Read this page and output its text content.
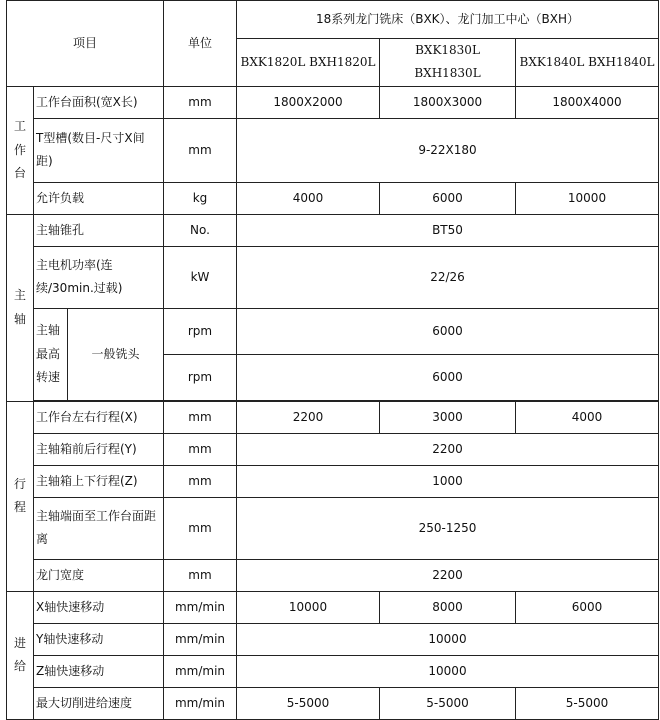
项目			单位	18系列龙门铣床（BXK）、龙门加工中心（BXH）		
				BXK1820L BXH1820L	BXK1830L BXH1830L	BXK1840L BXH1840L
工作台	工作台面积(宽X长)		mm	1800X2000	1800X3000	1800X4000
	T型槽(数目-尺寸X间距)		mm	9-22X180		
	允许负载		kg	4000	6000	10000
主轴	主轴锥孔		No.	BT50		
	主电机功率(连续/30min.过载)		kW	22/26		
	主轴最高转速	一般铣头	rpm	6000		
			rpm	6000		

行程	工作台左右行程(X)		mm	2200	3000	4000
	主轴箱前后行程(Y)		mm	2200		
	主轴箱上下行程(Z)		mm	1000		
	主轴端面至工作台面距离		mm	250-1250		
	龙门宽度		mm	2200		
进给	X轴快速移动		mm/min	10000	8000	6000
	Y轴快速移动		mm/min	10000		
	Z轴快速移动		mm/min	10000		
	最大切削进给速度		mm/min	5-5000	5-5000	5-5000
